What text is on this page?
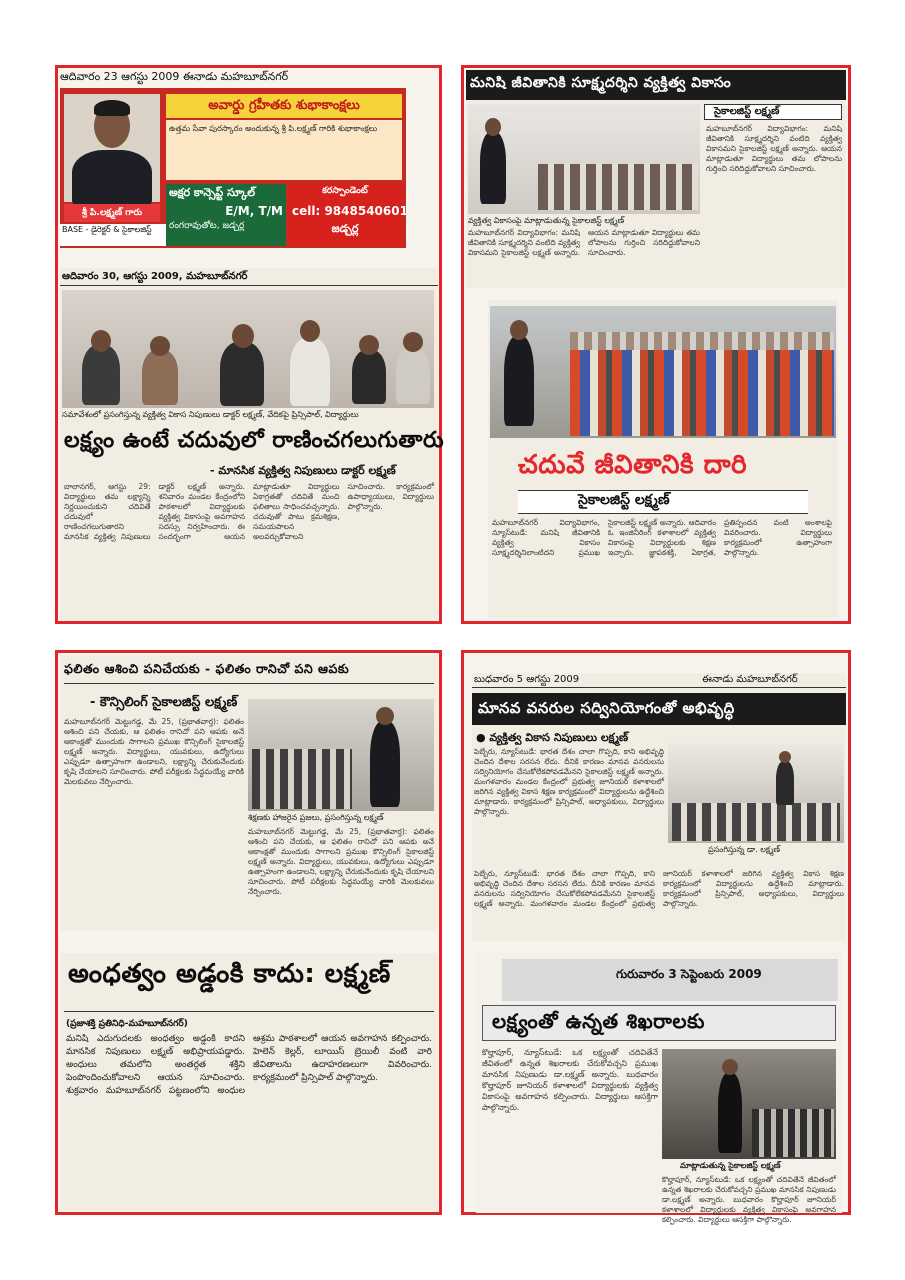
ఆదివారం 23 ఆగస్టు 2009 ఈనాడు మహబూబ్‌నగర్
శ్రీ పి.లక్ష్మణ్ గారు
BASE - డైరెక్టర్ & సైకాలజిస్ట్
అవార్డు గ్రహీతకు శుభాకాంక్షలు
ఉత్తమ సేవా పురస్కారం అందుకున్న శ్రీ పి.లక్ష్మణ్ గారికి శుభాకాంక్షలు
అక్షర కాన్సెప్ట్ స్కూల్
E/M, T/M
రంగరావుతోట, జడ్చర్ల
కరస్పాండెంట్
cell: 9848540601
జడ్చర్ల
ఆదివారం 30, ఆగస్టు 2009, మహబూబ్‌నగర్
సమావేశంలో ప్రసంగిస్తున్న వ్యక్తిత్వ వికాస నిపుణులు డాక్టర్ లక్ష్మణ్, వేదికపై ప్రిన్సిపాల్, విద్యార్థులు
లక్ష్యం ఉంటే చదువులో రాణించగలుగుతారు
- మానసిక వ్యక్తిత్వ నిపుణులు డాక్టర్ లక్ష్మణ్
బాలానగర్, ఆగస్టు 29: విద్యార్థులు తమ లక్ష్యాన్ని నిర్ణయించుకుని చదివితే చదువులో రాణించగలుగుతారని మానసిక వ్యక్తిత్వ నిపుణులు డాక్టర్ లక్ష్మణ్ అన్నారు. శనివారం మండల కేంద్రంలోని పాఠశాలలో విద్యార్థులకు వ్యక్తిత్వ వికాసంపై అవగాహన సదస్సు నిర్వహించారు. ఈ సందర్భంగా ఆయన మాట్లాడుతూ విద్యార్థులు ఏకాగ్రతతో చదివితే మంచి ఫలితాలు సాధించవచ్చన్నారు. చదువుతో పాటు క్రమశిక్షణ, సమయపాలన అలవర్చుకోవాలని సూచించారు. కార్యక్రమంలో ఉపాధ్యాయులు, విద్యార్థులు పాల్గొన్నారు.
మనిషి జీవితానికి సూక్ష్మదర్శిని వ్యక్తిత్వ వికాసం
సైకాలజిస్ట్ లక్ష్మణ్
మహబూబ్‌నగర్ విద్యావిభాగం: మనిషి జీవితానికి సూక్ష్మదర్శిని వంటిది వ్యక్తిత్వ వికాసమని సైకాలజిస్ట్ లక్ష్మణ్ అన్నారు. ఆయన మాట్లాడుతూ విద్యార్థులు తమ లోపాలను గుర్తించి సరిదిద్దుకోవాలని సూచించారు.
వ్యక్తిత్వ వికాసంపై మాట్లాడుతున్న సైకాలజిస్ట్ లక్ష్మణ్
మహబూబ్‌నగర్ విద్యావిభాగం: మనిషి జీవితానికి సూక్ష్మదర్శిని వంటిది వ్యక్తిత్వ వికాసమని సైకాలజిస్ట్ లక్ష్మణ్ అన్నారు. ఆయన మాట్లాడుతూ విద్యార్థులు తమ లోపాలను గుర్తించి సరిదిద్దుకోవాలని సూచించారు.
చదువే జీవితానికి దారి
సైకాలజిస్ట్ లక్ష్మణ్
మహబూబ్‌నగర్ విద్యావిభాగం, న్యూస్‌టుడే: మనిషి జీవితానికి వ్యక్తిత్వ వికాసం సూక్ష్మదర్శినిలాంటిదని ప్రముఖ సైకాలజిస్ట్ లక్ష్మణ్ అన్నారు. ఆదివారం ఓ ఇంజినీరింగ్ కళాశాలలో వ్యక్తిత్వ వికాసంపై విద్యార్థులకు శిక్షణ ఇచ్చారు. జ్ఞాపకశక్తి, ఏకాగ్రత, ప్రతిస్పందన వంటి అంశాలపై వివరించారు. విద్యార్థులు కార్యక్రమంలో ఉత్సాహంగా పాల్గొన్నారు.
ఫలితం ఆశించి పనిచేయకు - ఫలితం రానిచో పని ఆపకు
- కౌన్సిలింగ్ సైకాలజిస్ట్ లక్ష్మణ్
మహబూబ్‌నగర్ మెట్టుగడ్డ, మే 25, (ప్రభాతవార్త): ఫలితం ఆశించి పని చేయకు, ఆ ఫలితం రానిచో పని ఆపకు అనే ఆకాంక్షతో ముందుకు సాగాలని ప్రముఖ కౌన్సిలింగ్ సైకాలజిస్ట్ లక్ష్మణ్ అన్నారు. విద్యార్థులు, యువకులు, ఉద్యోగులు ఎప్పుడూ ఉత్సాహంగా ఉండాలని, లక్ష్యాన్ని చేరుకునేందుకు కృషి చేయాలని సూచించారు. పోటీ పరీక్షలకు సిద్ధమయ్యే వారికి మెలకువలు నేర్పించారు.
శిక్షణకు హాజరైన ప్రజలు, ప్రసంగిస్తున్న లక్ష్మణ్
మహబూబ్‌నగర్ మెట్టుగడ్డ, మే 25, (ప్రభాతవార్త): ఫలితం ఆశించి పని చేయకు, ఆ ఫలితం రానిచో పని ఆపకు అనే ఆకాంక్షతో ముందుకు సాగాలని ప్రముఖ కౌన్సిలింగ్ సైకాలజిస్ట్ లక్ష్మణ్ అన్నారు. విద్యార్థులు, యువకులు, ఉద్యోగులు ఎప్పుడూ ఉత్సాహంగా ఉండాలని, లక్ష్యాన్ని చేరుకునేందుకు కృషి చేయాలని సూచించారు. పోటీ పరీక్షలకు సిద్ధమయ్యే వారికి మెలకువలు నేర్పించారు.
అంధత్వం అడ్డంకి కాదు: లక్ష్మణ్
(ప్రజాశక్తి ప్రతినిధి-మహబూబ్‌నగర్)
మనిషి ఎదుగుదలకు అంధత్వం అడ్డంకి కాదని మానసిక నిపుణులు లక్ష్మణ్ అభిప్రాయపడ్డారు. అంధులు తమలోని అంతర్గత శక్తిని పెంపొందించుకోవాలని ఆయన సూచించారు. శుక్రవారం మహబూబ్‌నగర్ పట్టణంలోని అంధుల ఆశ్రమ పాఠశాలలో ఆయన అవగాహన కల్పించారు. హెలెన్ కెల్లర్, లూయిస్ బ్రెయిలీ వంటి వారి జీవితాలను ఉదాహరణలుగా వివరించారు. కార్యక్రమంలో ప్రిన్సిపాల్ పాల్గొన్నారు.
బుధవారం 5 ఆగస్టు 2009	ఈనాడు మహబూబ్‌నగర్
మానవ వనరుల సద్వినియోగంతో అభివృద్ధి
● వ్యక్తిత్వ వికాస నిపుణులు లక్ష్మణ్
పెబ్బేరు, న్యూస్‌టుడే: భారత దేశం చాలా గొప్పది, కాని అభివృద్ధి చెందిన దేశాల సరసన లేదు. దీనికి కారణం మానవ వనరులను సద్వినియోగం చేసుకోలేకపోవడమేనని సైకాలజిస్ట్ లక్ష్మణ్ అన్నారు. మంగళవారం మండల కేంద్రంలో ప్రభుత్వ జూనియర్ కళాశాలలో జరిగిన వ్యక్తిత్వ వికాస శిక్షణ కార్యక్రమంలో విద్యార్థులను ఉద్దేశించి మాట్లాడారు. కార్యక్రమంలో ప్రిన్సిపాల్, అధ్యాపకులు, విద్యార్థులు పాల్గొన్నారు.
ప్రసంగిస్తున్న డా. లక్ష్మణ్
పెబ్బేరు, న్యూస్‌టుడే: భారత దేశం చాలా గొప్పది, కాని అభివృద్ధి చెందిన దేశాల సరసన లేదు. దీనికి కారణం మానవ వనరులను సద్వినియోగం చేసుకోలేకపోవడమేనని సైకాలజిస్ట్ లక్ష్మణ్ అన్నారు. మంగళవారం మండల కేంద్రంలో ప్రభుత్వ జూనియర్ కళాశాలలో జరిగిన వ్యక్తిత్వ వికాస శిక్షణ కార్యక్రమంలో విద్యార్థులను ఉద్దేశించి మాట్లాడారు. కార్యక్రమంలో ప్రిన్సిపాల్, అధ్యాపకులు, విద్యార్థులు పాల్గొన్నారు.
గురువారం 3 సెప్టెంబరు 2009
లక్ష్యంతో ఉన్నత శిఖరాలకు
కొల్హాపూర్, న్యూస్‌టుడే: ఒక లక్ష్యంతో చదివితేనే జీవితంలో ఉన్నత శిఖరాలకు చేరుకోవచ్చని ప్రముఖ మానసిక నిపుణుడు డా.లక్ష్మణ్ అన్నారు. బుధవారం కొల్హాపూర్ జూనియర్ కళాశాలలో విద్యార్థులకు వ్యక్తిత్వ వికాసంపై అవగాహన కల్పించారు. విద్యార్థులు ఆసక్తిగా పాల్గొన్నారు.
మాట్లాడుతున్న సైకాలజిస్ట్ లక్ష్మణ్
కొల్హాపూర్, న్యూస్‌టుడే: ఒక లక్ష్యంతో చదివితేనే జీవితంలో ఉన్నత శిఖరాలకు చేరుకోవచ్చని ప్రముఖ మానసిక నిపుణుడు డా.లక్ష్మణ్ అన్నారు. బుధవారం కొల్హాపూర్ జూనియర్ కళాశాలలో విద్యార్థులకు వ్యక్తిత్వ వికాసంపై అవగాహన కల్పించారు. విద్యార్థులు ఆసక్తిగా పాల్గొన్నారు.
